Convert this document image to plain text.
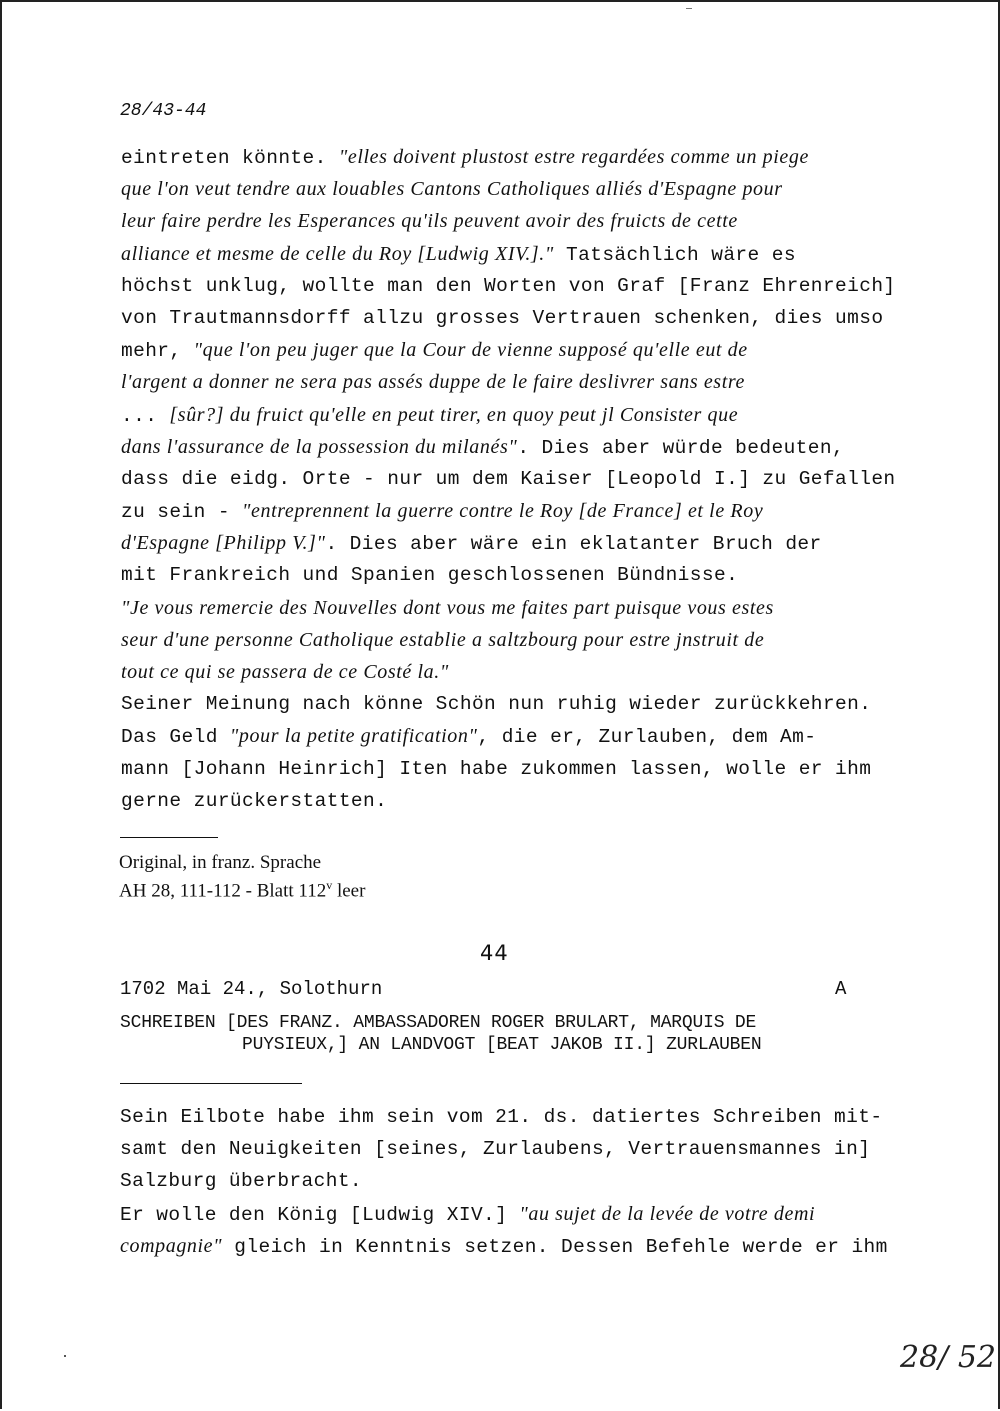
28/43-44
eintreten könnte. "elles doivent plustost estre regardées comme un piege
que l'on veut tendre aux louables Cantons Catholiques alliés d'Espagne pour
leur faire perdre les Esperances qu'ils peuvent avoir des fruicts de cette
alliance et mesme de celle du Roy [Ludwig XIV.]." Tatsächlich wäre es
höchst unklug, wollte man den Worten von Graf [Franz Ehrenreich]
von Trautmannsdorff allzu grosses Vertrauen schenken, dies umso
mehr, "que l'on peu juger que la Cour de vienne supposé qu'elle eut de
l'argent a donner ne sera pas assés duppe de le faire deslivrer sans estre
... [sûr?] du fruict qu'elle en peut tirer, en quoy peut jl Consister que
dans l'assurance de la possession du milanés". Dies aber würde bedeuten,
dass die eidg. Orte - nur um dem Kaiser [Leopold I.] zu Gefallen
zu sein - "entreprennent la guerre contre le Roy [de France] et le Roy
d'Espagne [Philipp V.]". Dies aber wäre ein eklatanter Bruch der
mit Frankreich und Spanien geschlossenen Bündnisse.
"Je vous remercie des Nouvelles dont vous me faites part puisque vous estes
seur d'une personne Catholique establie a saltzbourg pour estre jnstruit de
tout ce qui se passera de ce Costé la."
Seiner Meinung nach könne Schön nun ruhig wieder zurückkehren.
Das Geld "pour la petite gratification", die er, Zurlauben, dem Am-
mann [Johann Heinrich] Iten habe zukommen lassen, wolle er ihm
gerne zurückerstatten.
Original, in franz. Sprache
AH 28, 111-112 - Blatt 112$^v$ leer
44
1702 Mai 24., Solothurn	A
SCHREIBEN [DES FRANZ. AMBASSADOREN ROGER BRULART, MARQUIS DE
PUYSIEUX,] AN LANDVOGT [BEAT JAKOB II.] ZURLAUBEN
Sein Eilbote habe ihm sein vom 21. ds. datiertes Schreiben mit-
samt den Neuigkeiten [seines, Zurlaubens, Vertrauensmannes in]
Salzburg überbracht.
Er wolle den König [Ludwig XIV.] "au sujet de la levée de votre demi
compagnie" gleich in Kenntnis setzen. Dessen Befehle werde er ihm
28/ 52
